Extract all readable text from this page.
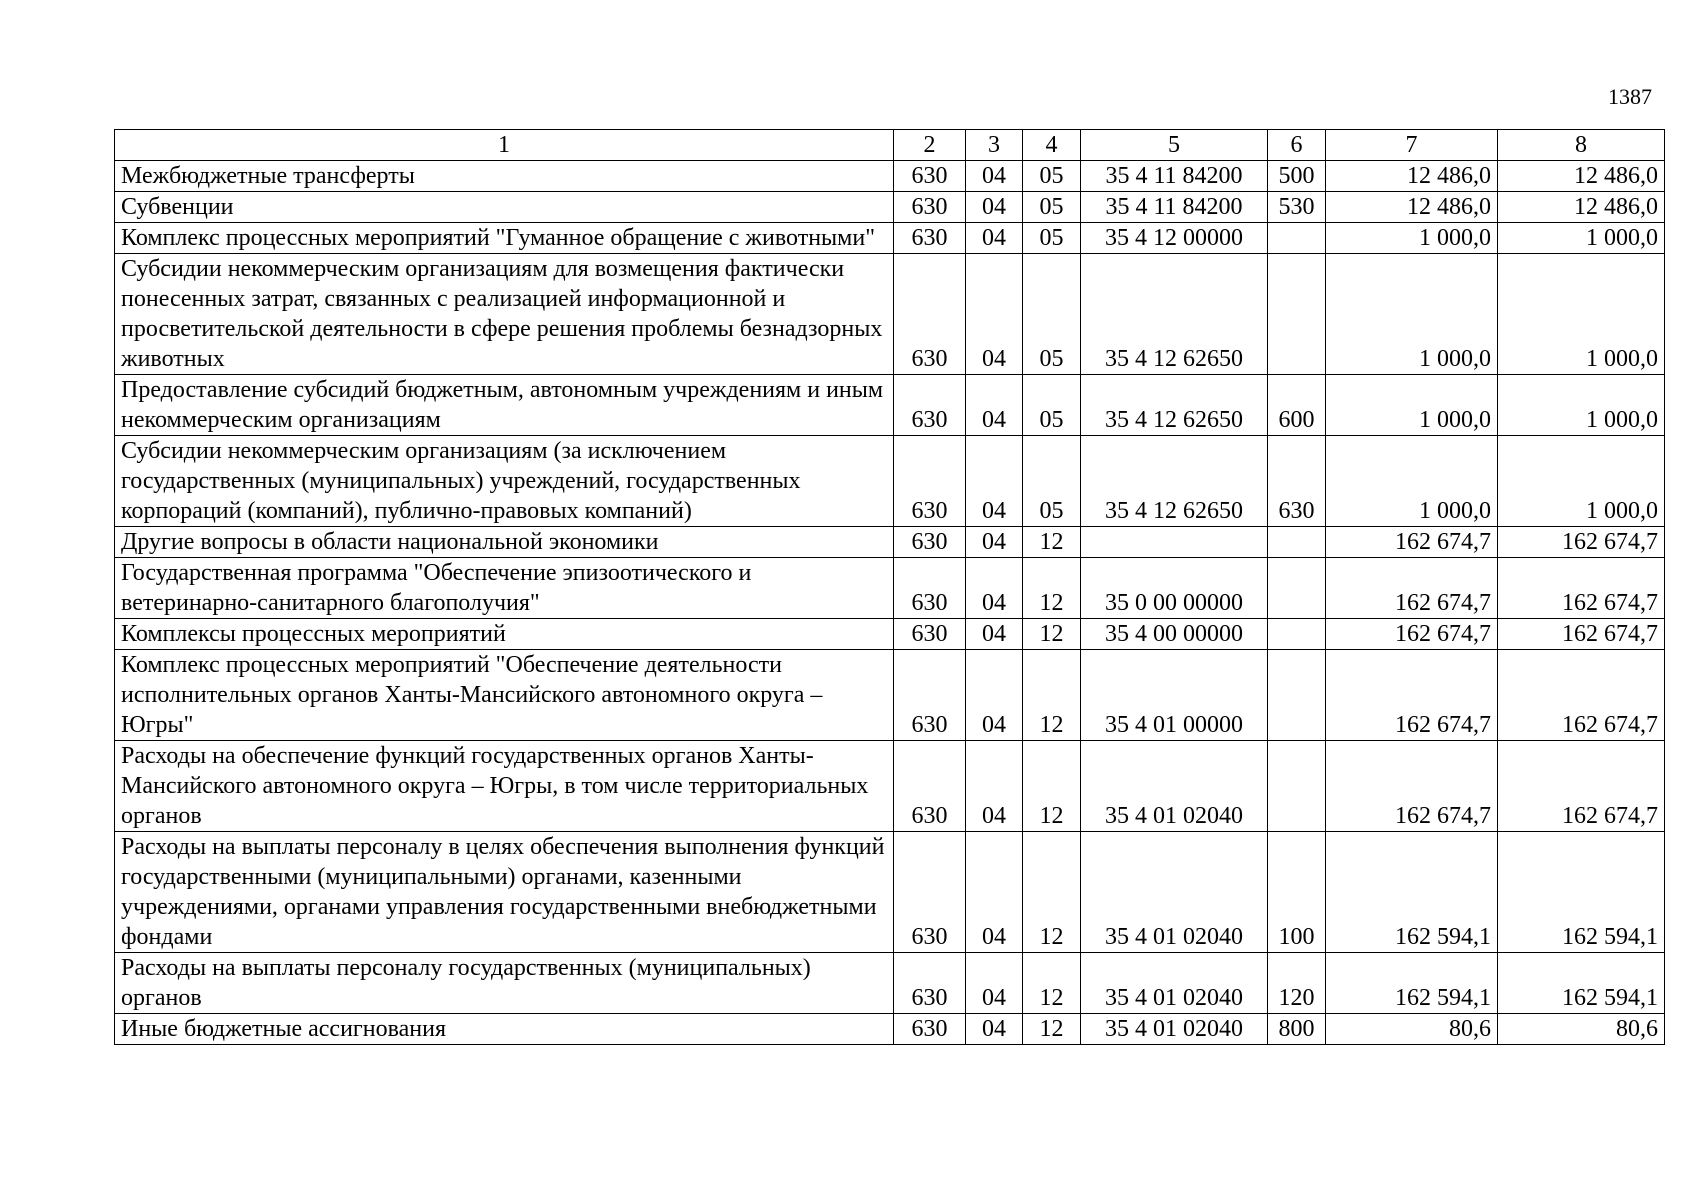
1387
1	2	3	4	5	6	7	8
Межбюджетные трансферты	630	04	05	35 4 11 84200	500	12 486,0	12 486,0
Субвенции	630	04	05	35 4 11 84200	530	12 486,0	12 486,0
Комплекс процессных мероприятий "Гуманное обращение с животными"	630	04	05	35 4 12 00000		1 000,0	1 000,0
Субсидии некоммерческим организациям для возмещения фактически понесенных затрат, связанных с реализацией информационной и просветительской деятельности в сфере решения проблемы безнадзорных животных	630	04	05	35 4 12 62650		1 000,0	1 000,0
Предоставление субсидий бюджетным, автономным учреждениям и иным некоммерческим организациям	630	04	05	35 4 12 62650	600	1 000,0	1 000,0
Субсидии некоммерческим организациям (за исключением государственных (муниципальных) учреждений, государственных корпораций (компаний), публично-правовых компаний)	630	04	05	35 4 12 62650	630	1 000,0	1 000,0
Другие вопросы в области национальной экономики	630	04	12			162 674,7	162 674,7
Государственная программа "Обеспечение эпизоотического и ветеринарно-санитарного благополучия"	630	04	12	35 0 00 00000		162 674,7	162 674,7
Комплексы процессных мероприятий	630	04	12	35 4 00 00000		162 674,7	162 674,7
Комплекс процессных мероприятий "Обеспечение деятельности исполнительных органов Ханты-Мансийского автономного округа – Югры"	630	04	12	35 4 01 00000		162 674,7	162 674,7
Расходы на обеспечение функций государственных органов Ханты-Мансийского автономного округа – Югры, в том числе территориальных органов	630	04	12	35 4 01 02040		162 674,7	162 674,7
Расходы на выплаты персоналу в целях обеспечения выполнения функций государственными (муниципальными) органами, казенными учреждениями, органами управления государственными внебюджетными фондами	630	04	12	35 4 01 02040	100	162 594,1	162 594,1
Расходы на выплаты персоналу государственных (муниципальных) органов	630	04	12	35 4 01 02040	120	162 594,1	162 594,1
Иные бюджетные ассигнования	630	04	12	35 4 01 02040	800	80,6	80,6
